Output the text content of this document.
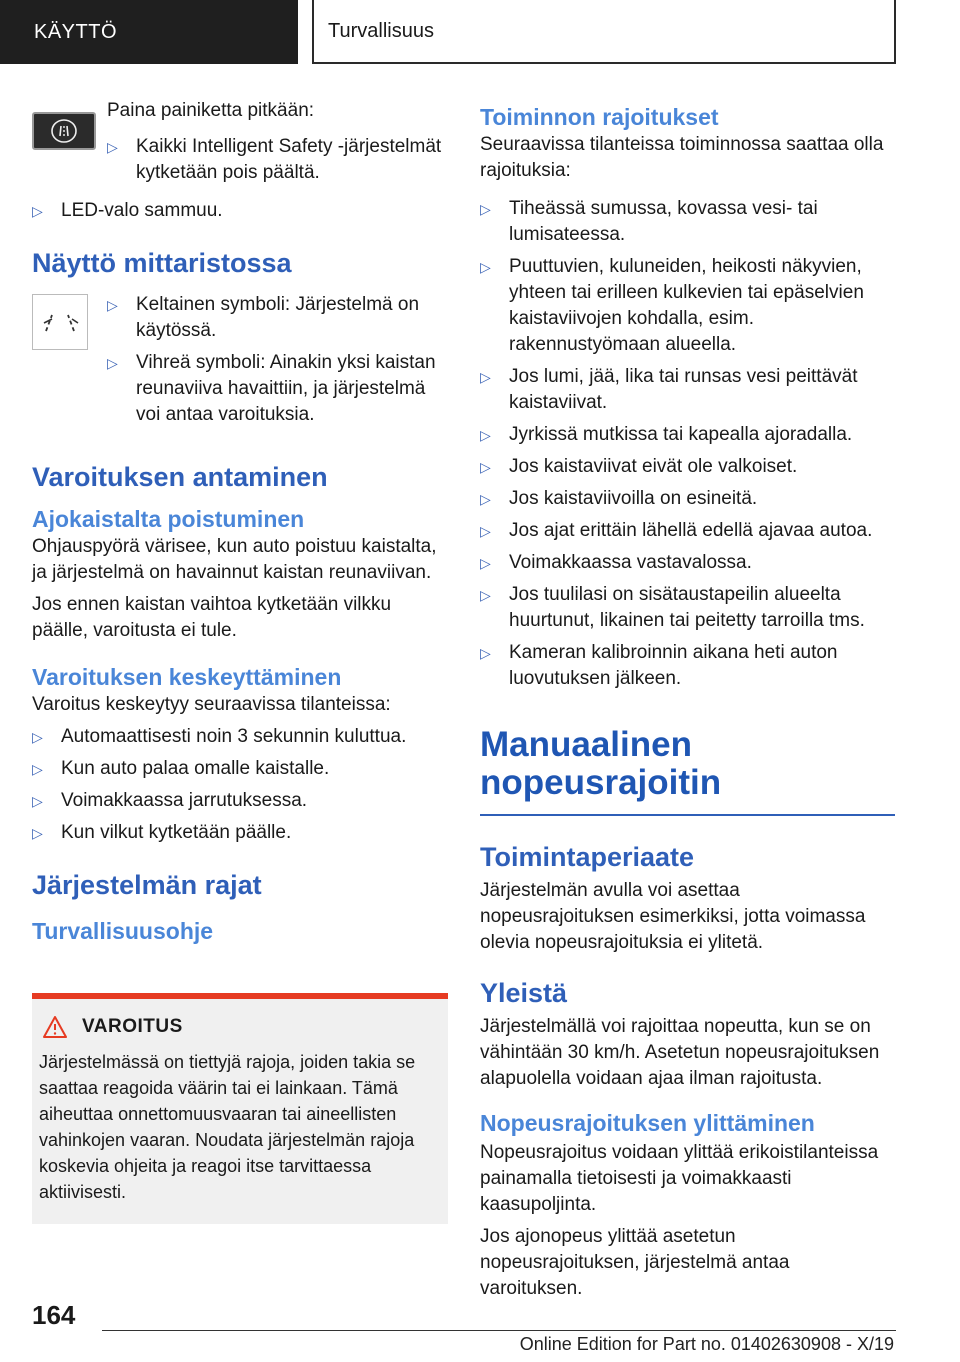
KÄYTTÖ	Turvallisuus

Paina painiketta pitkään:

▷ Kaikki Intelligent Safety -järjestelmät kytketään pois päältä.
▷ LED-valo sammuu.
Näyttö mittaristossa
▷ Keltainen symboli: Järjestelmä on käytössä.
▷ Vihreä symboli: Ainakin yksi kaistan reunaviiva havaittiin, ja järjestelmä voi antaa varoituksia.
Varoituksen antaminen
Ajokaistalta poistuminen

Ohjauspyörä värisee, kun auto poistuu kaistalta, ja järjestelmä on havainnut kaistan reunaviivan.

Jos ennen kaistan vaihtoa kytketään vilkku päälle, varoitusta ei tule.

Varoituksen keskeyttäminen

Varoitus keskeytyy seuraavissa tilanteissa:

▷ Automaattisesti noin 3 sekunnin kuluttua.
▷ Kun auto palaa omalle kaistalle.
▷ Voimakkaassa jarrutuksessa.
▷ Kun vilkut kytketään päälle.
Järjestelmän rajat
Turvallisuusohje
VAROITUS

Järjestelmässä on tiettyjä rajoja, joiden takia se saattaa reagoida väärin tai ei lainkaan. Tämä aiheuttaa onnettomuusvaaran tai aineellisten vahinkojen vaaran. Noudata järjestelmän rajoja koskevia ohjeita ja reagoi itse tarvittaessa aktiivisesti.

Toiminnon rajoitukset

Seuraavissa tilanteissa toiminnossa saattaa olla rajoituksia:

▷ Tiheässä sumussa, kovassa vesi- tai lumisateessa.
▷ Puuttuvien, kuluneiden, heikosti näkyvien, yhteen tai erilleen kulkevien tai epäselvien kaistaviivojen kohdalla, esim. rakennustyömaan alueella.
▷ Jos lumi, jää, lika tai runsas vesi peittävät kaistaviivat.
▷ Jyrkissä mutkissa tai kapealla ajoradalla.
▷ Jos kaistaviivat eivät ole valkoiset.
▷ Jos kaistaviivoilla on esineitä.
▷ Jos ajat erittäin lähellä edellä ajavaa autoa.
▷ Voimakkaassa vastavalossa.
▷ Jos tuulilasi on sisätaustapeilin alueelta huurtunut, likainen tai peitetty tarroilla tms.
▷ Kameran kalibroinnin aikana heti auton luovutuksen jälkeen.
Manuaalinen
nopeusrajoitin
Toimintaperiaate

Järjestelmän avulla voi asettaa nopeusrajoituksen esimerkiksi, jotta voimassa olevia nopeusrajoituksia ei ylitetä.

Yleistä

Järjestelmällä voi rajoittaa nopeutta, kun se on vähintään 30 km/h. Asetetun nopeusrajoituksen alapuolella voidaan ajaa ilman rajoitusta.

Nopeusrajoituksen ylittäminen

Nopeusrajoitus voidaan ylittää erikoistilanteissa painamalla tietoisesti ja voimakkaasti kaasupoljinta.

Jos ajonopeus ylittää asetetun nopeusrajoituksen, järjestelmä antaa varoituksen.

164
Online Edition for Part no. 01402630908 - X/19
